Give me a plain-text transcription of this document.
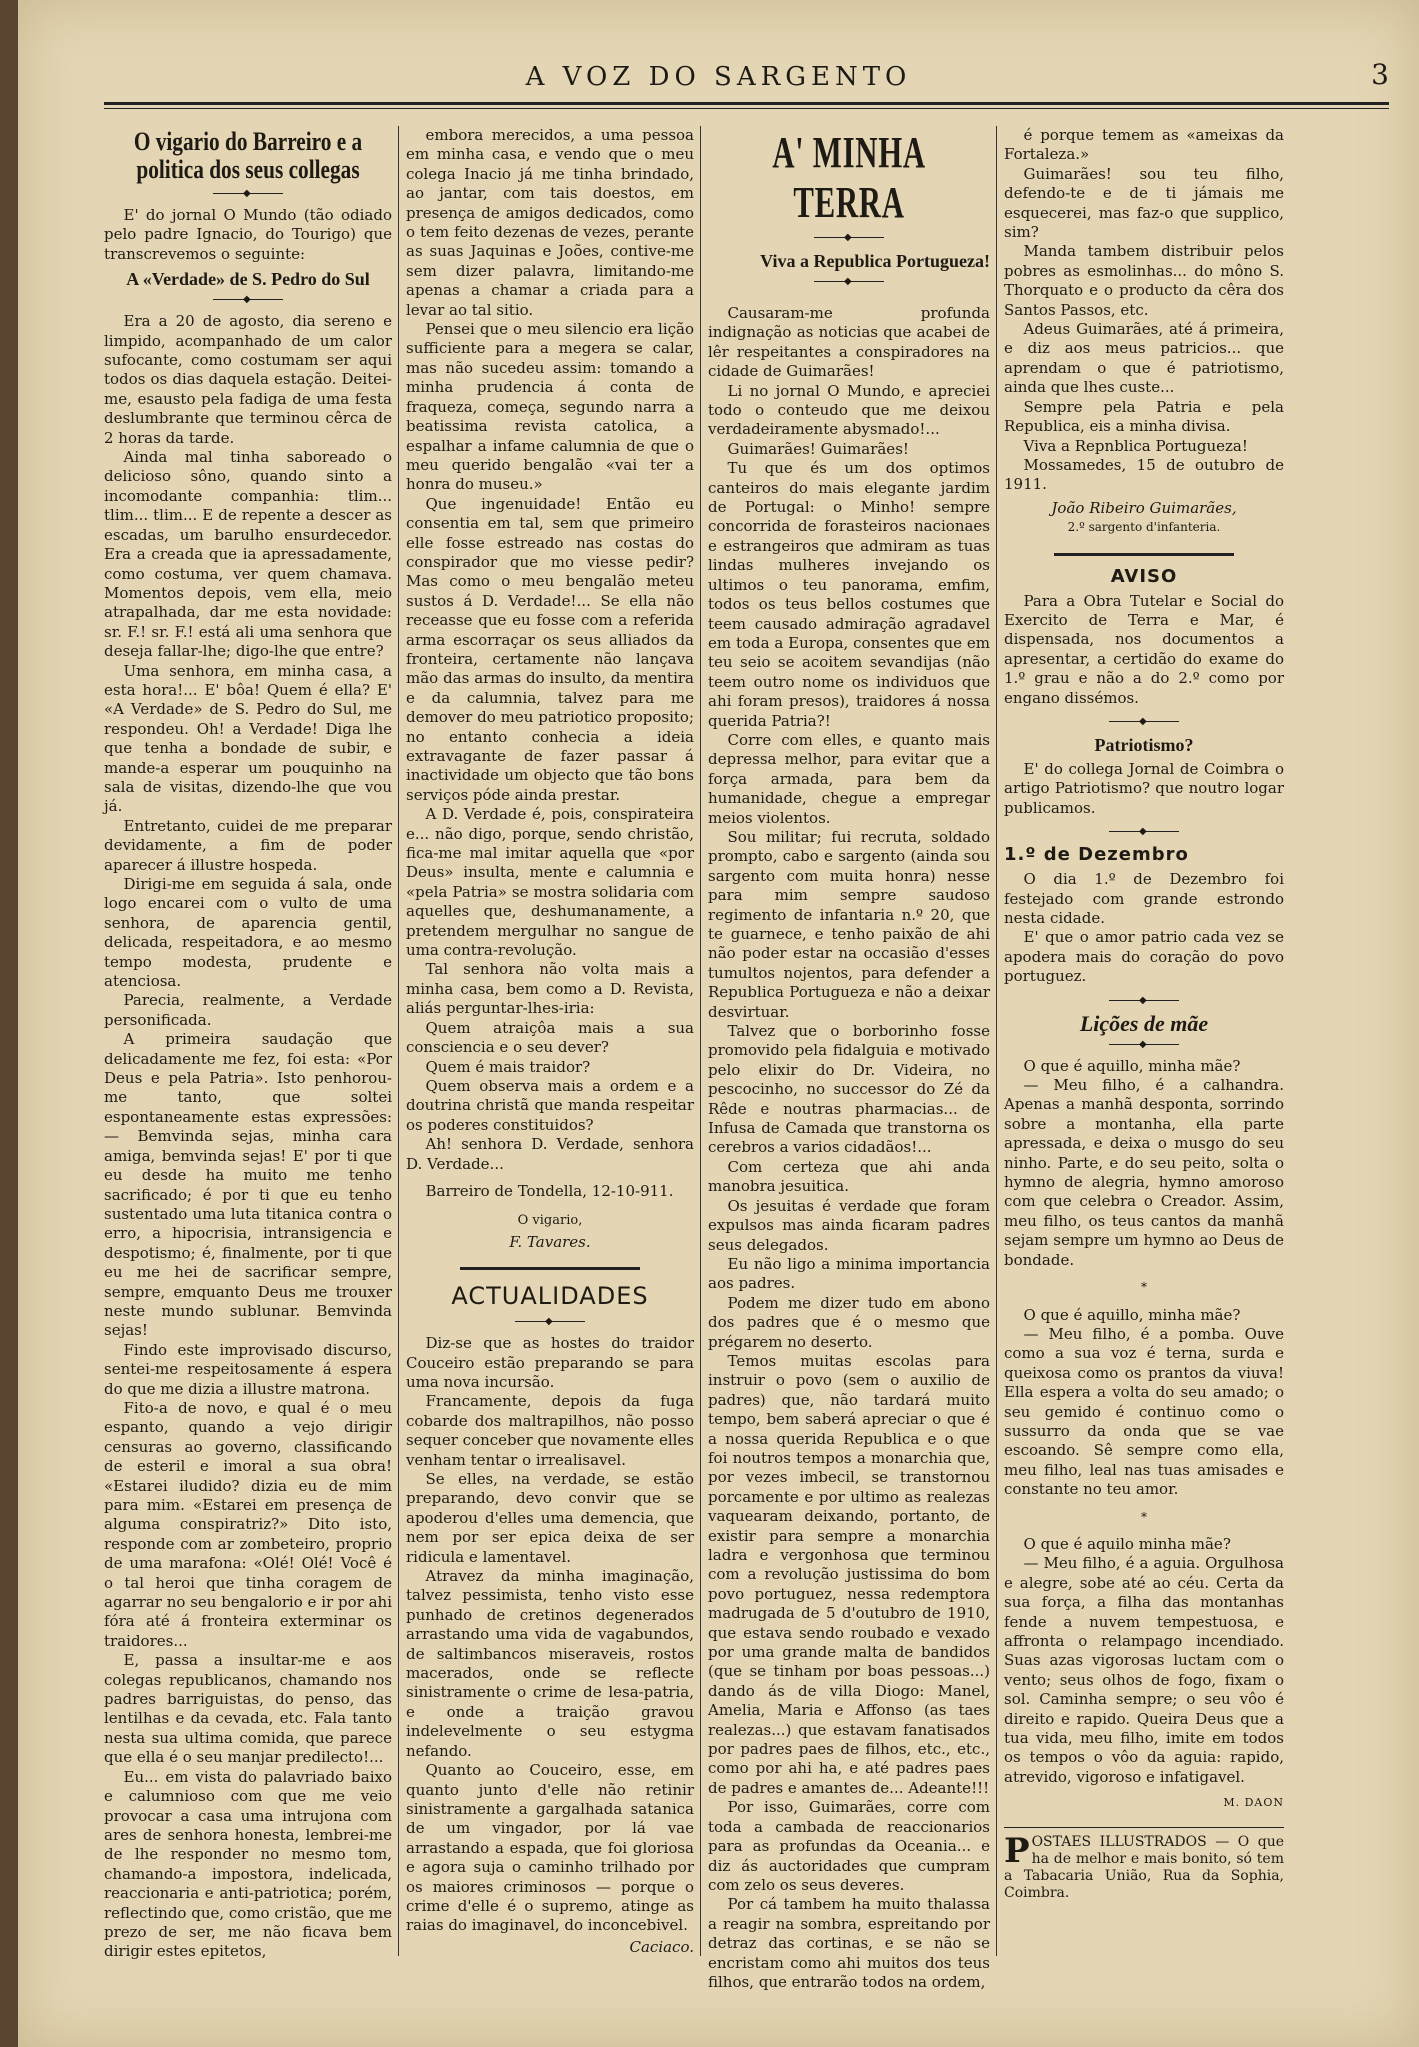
A VOZ DO SARGENTO	3
O vigario do Barreiro e a politica dos seus collegas
◆

E' do jornal O Mundo (tão odiado pelo padre Ignacio, do Tourigo) que transcrevemos o seguinte:

A «Verdade» de S. Pedro do Sul
◆

Era a 20 de agosto, dia sereno e limpido, acompanhado de um calor sufocante, como costumam ser aqui todos os dias daquela estação. Deitei-me, esausto pela fadiga de uma festa deslumbrante que terminou cêrca de 2 horas da tarde.

Ainda mal tinha saboreado o delicioso sôno, quando sinto a incomodante companhia: tlim... tlim... tlim... E de repente a descer as escadas, um barulho ensurdecedor. Era a creada que ia apressadamente, como costuma, ver quem chamava. Momentos depois, vem ella, meio atrapalhada, dar me esta novidade: sr. F.! sr. F.! está ali uma senhora que deseja fallar-lhe; digo-lhe que entre?

Uma senhora, em minha casa, a esta hora!... E' bôa! Quem é ella? E' «A Verdade» de S. Pedro do Sul, me respondeu. Oh! a Verdade! Diga lhe que tenha a bondade de subir, e mande-a esperar um pouquinho na sala de visitas, dizendo-lhe que vou já.

Entretanto, cuidei de me preparar devidamente, a fim de poder aparecer á illustre hospeda.

Dirigi-me em seguida á sala, onde logo encarei com o vulto de uma senhora, de aparencia gentil, delicada, respeitadora, e ao mesmo tempo modesta, prudente e atenciosa.

Parecia, realmente, a Verdade personificada.

A primeira saudação que delicadamente me fez, foi esta: «Por Deus e pela Patria». Isto penhorou-me tanto, que soltei espontaneamente estas expressões: — Bemvinda sejas, minha cara amiga, bemvinda sejas! E' por ti que eu desde ha muito me tenho sacrificado; é por ti que eu tenho sustentado uma luta titanica contra o erro, a hipocrisia, intransigencia e despotismo; é, finalmente, por ti que eu me hei de sacrificar sempre, sempre, emquanto Deus me trouxer neste mundo sublunar. Bemvinda sejas!

Findo este improvisado discurso, sentei-me respeitosamente á espera do que me dizia a illustre matrona.

Fito-a de novo, e qual é o meu espanto, quando a vejo dirigir censuras ao governo, classificando de esteril e imoral a sua obra! «Estarei iludido? dizia eu de mim para mim. «Estarei em presença de alguma conspiratriz?» Dito isto, responde com ar zombeteiro, proprio de uma marafona: «Olé! Olé! Você é o tal heroi que tinha coragem de agarrar no seu bengalorio e ir por ahi fóra até á fronteira exterminar os traidores...

E, passa a insultar-me e aos colegas republicanos, chamando nos padres barriguistas, do penso, das lentilhas e da cevada, etc. Fala tanto nesta sua ultima comida, que parece que ella é o seu manjar predilecto!...

Eu... em vista do palavriado baixo e calumnioso com que me veio provocar a casa uma intrujona com ares de senhora honesta, lembrei-me de lhe responder no mesmo tom, chamando-a impostora, indelicada, reaccionaria e anti-patriotica; porém, reflectindo que, como cristão, que me prezo de ser, me não ficava bem dirigir estes epitetos,

embora merecidos, a uma pessoa em minha casa, e vendo que o meu colega Inacio já me tinha brindado, ao jantar, com tais doestos, em presença de amigos dedicados, como o tem feito dezenas de vezes, perante as suas Jaquinas e Joões, contive-me sem dizer palavra, limitando-me apenas a chamar a criada para a levar ao tal sitio.

Pensei que o meu silencio era lição sufficiente para a megera se calar, mas não sucedeu assim: tomando a minha prudencia á conta de fraqueza, começa, segundo narra a beatissima revista catolica, a espalhar a infame calumnia de que o meu querido bengalão «vai ter a honra do museu.»

Que ingenuidade! Então eu consentia em tal, sem que primeiro elle fosse estreado nas costas do conspirador que mo viesse pedir? Mas como o meu bengalão meteu sustos á D. Verdade!... Se ella não receasse que eu fosse com a referida arma escorraçar os seus alliados da fronteira, certamente não lançava mão das armas do insulto, da mentira e da calumnia, talvez para me demover do meu patriotico proposito; no entanto conhecia a ideia extravagante de fazer passar á inactividade um objecto que tão bons serviços póde ainda prestar.

A D. Verdade é, pois, conspirateira e... não digo, porque, sendo christão, fica-me mal imitar aquella que «por Deus» insulta, mente e calumnia e «pela Patria» se mostra solidaria com aquelles que, deshumanamente, a pretendem mergulhar no sangue de uma contra-revolução.

Tal senhora não volta mais a minha casa, bem como a D. Revista, aliás perguntar-lhes-iria:

Quem atraiçôa mais a sua consciencia e o seu dever?

Quem é mais traidor?

Quem observa mais a ordem e a doutrina christã que manda respeitar os poderes constituidos?

Ah! senhora D. Verdade, senhora D. Verdade...

Barreiro de Tondella, 12-10-911.

O vigario,

F. Tavares.

ACTUALIDADES
◆

Diz-se que as hostes do traidor Couceiro estão preparando se para uma nova incursão.

Francamente, depois da fuga cobarde dos maltrapilhos, não posso sequer conceber que novamente elles venham tentar o irrealisavel.

Se elles, na verdade, se estão preparando, devo convir que se apoderou d'elles uma demencia, que nem por ser epica deixa de ser ridicula e lamentavel.

Atravez da minha imaginação, talvez pessimista, tenho visto esse punhado de cretinos degenerados arrastando uma vida de vagabundos, de saltimbancos miseraveis, rostos macerados, onde se reflecte sinistramente o crime de lesa-patria, e onde a traição gravou indelevelmente o seu estygma nefando.

Quanto ao Couceiro, esse, em quanto junto d'elle não retinir sinistramente a gargalhada satanica de um vingador, por lá vae arrastando a espada, que foi gloriosa e agora suja o caminho trilhado por os maiores criminosos — porque o crime d'elle é o supremo, atinge as raias do imaginavel, do inconcebivel.

Caciaco.

A' MINHA TERRA
◆
Viva a Republica Portugueza!
◆

Causaram-me profunda indignação as noticias que acabei de lêr respeitantes a conspiradores na cidade de Guimarães!

Li no jornal O Mundo, e apreciei todo o conteudo que me deixou verdadeiramente abysmado!...

Guimarães! Guimarães!

Tu que és um dos optimos canteiros do mais elegante jardim de Portugal: o Minho! sempre concorrida de forasteiros nacionaes e estrangeiros que admiram as tuas lindas mulheres invejando os ultimos o teu panorama, emfim, todos os teus bellos costumes que teem causado admiração agradavel em toda a Europa, consentes que em teu seio se acoitem sevandijas (não teem outro nome os individuos que ahi foram presos), traidores á nossa querida Patria?!

Corre com elles, e quanto mais depressa melhor, para evitar que a força armada, para bem da humanidade, chegue a empregar meios violentos.

Sou militar; fui recruta, soldado prompto, cabo e sargento (ainda sou sargento com muita honra) nesse para mim sempre saudoso regimento de infantaria n.º 20, que te guarnece, e tenho paixão de ahi não poder estar na occasião d'esses tumultos nojentos, para defender a Republica Portugueza e não a deixar desvirtuar.

Talvez que o borborinho fosse promovido pela fidalguia e motivado pelo elixir do Dr. Videira, no pescocinho, no successor do Zé da Rêde e noutras pharmacias... de Infusa de Camada que transtorna os cerebros a varios cidadãos!...

Com certeza que ahi anda manobra jesuitica.

Os jesuitas é verdade que foram expulsos mas ainda ficaram padres seus delegados.

Eu não ligo a minima importancia aos padres.

Podem me dizer tudo em abono dos padres que é o mesmo que prégarem no deserto.

Temos muitas escolas para instruir o povo (sem o auxilio de padres) que, não tardará muito tempo, bem saberá apreciar o que é a nossa querida Republica e o que foi noutros tempos a monarchia que, por vezes imbecil, se transtornou porcamente e por ultimo as realezas vaquearam deixando, portanto, de existir para sempre a monarchia ladra e vergonhosa que terminou com a revolução justissima do bom povo portuguez, nessa redemptora madrugada de 5 d'outubro de 1910, que estava sendo roubado e vexado por uma grande malta de bandidos (que se tinham por boas pessoas...) dando ás de villa Diogo: Manel, Amelia, Maria e Affonso (as taes realezas...) que estavam fanatisados por padres paes de filhos, etc., etc., como por ahi ha, e até padres paes de padres e amantes de... Adeante!!!

Por isso, Guimarães, corre com toda a cambada de reaccionarios para as profundas da Oceania... e diz ás auctoridades que cumpram com zelo os seus deveres.

Por cá tambem ha muito thalassa a reagir na sombra, espreitando por detraz das cortinas, e se não se encristam como ahi muitos dos teus filhos, que entrarão todos na ordem,

é porque temem as «ameixas da Fortaleza.»

Guimarães! sou teu filho, defendo-te e de ti jámais me esquecerei, mas faz-o que supplico, sim?

Manda tambem distribuir pelos pobres as esmolinhas... do môno S. Thorquato e o producto da cêra dos Santos Passos, etc.

Adeus Guimarães, até á primeira, e diz aos meus patricios... que aprendam o que é patriotismo, ainda que lhes custe...

Sempre pela Patria e pela Republica, eis a minha divisa.

Viva a Repnblica Portugueza!

Mossamedes, 15 de outubro de 1911.

João Ribeiro Guimarães,

2.º sargento d'infanteria.

AVISO

Para a Obra Tutelar e Social do Exercito de Terra e Mar, é dispensada, nos documentos a apresentar, a certidão do exame do 1.º grau e não a do 2.º como por engano dissémos.

◆
Patriotismo?

E' do collega Jornal de Coimbra o artigo Patriotismo? que noutro logar publicamos.

◆
1.º de Dezembro

O dia 1.º de Dezembro foi festejado com grande estrondo nesta cidade.

E' que o amor patrio cada vez se apodera mais do coração do povo portuguez.

◆
Lições de mãe
◆

O que é aquillo, minha mãe?

— Meu filho, é a calhandra. Apenas a manhã desponta, sorrindo sobre a montanha, ella parte apressada, e deixa o musgo do seu ninho. Parte, e do seu peito, solta o hymno de alegria, hymno amoroso com que celebra o Creador. Assim, meu filho, os teus cantos da manhã sejam sempre um hymno ao Deus de bondade.

*

O que é aquillo, minha mãe?

— Meu filho, é a pomba. Ouve como a sua voz é terna, surda e queixosa como os prantos da viuva! Ella espera a volta do seu amado; o seu gemido é continuo como o sussurro da onda que se vae escoando. Sê sempre como ella, meu filho, leal nas tuas amisades e constante no teu amor.

*

O que é aquilo minha mãe?

— Meu filho, é a aguia. Orgulhosa e alegre, sobe até ao céu. Certa da sua força, a filha das montanhas fende a nuvem tempestuosa, e affronta o relampago incendiado. Suas azas vigorosas luctam com o vento; seus olhos de fogo, fixam o sol. Caminha sempre; o seu vôo é direito e rapido. Queira Deus que a tua vida, meu filho, imite em todos os tempos o vôo da aguia: rapido, atrevido, vigoroso e infatigavel.

M. DAON

POSTAES ILLUSTRADOS — O que ha de melhor e mais bonito, só tem a Tabacaria União, Rua da Sophia, Coimbra.
